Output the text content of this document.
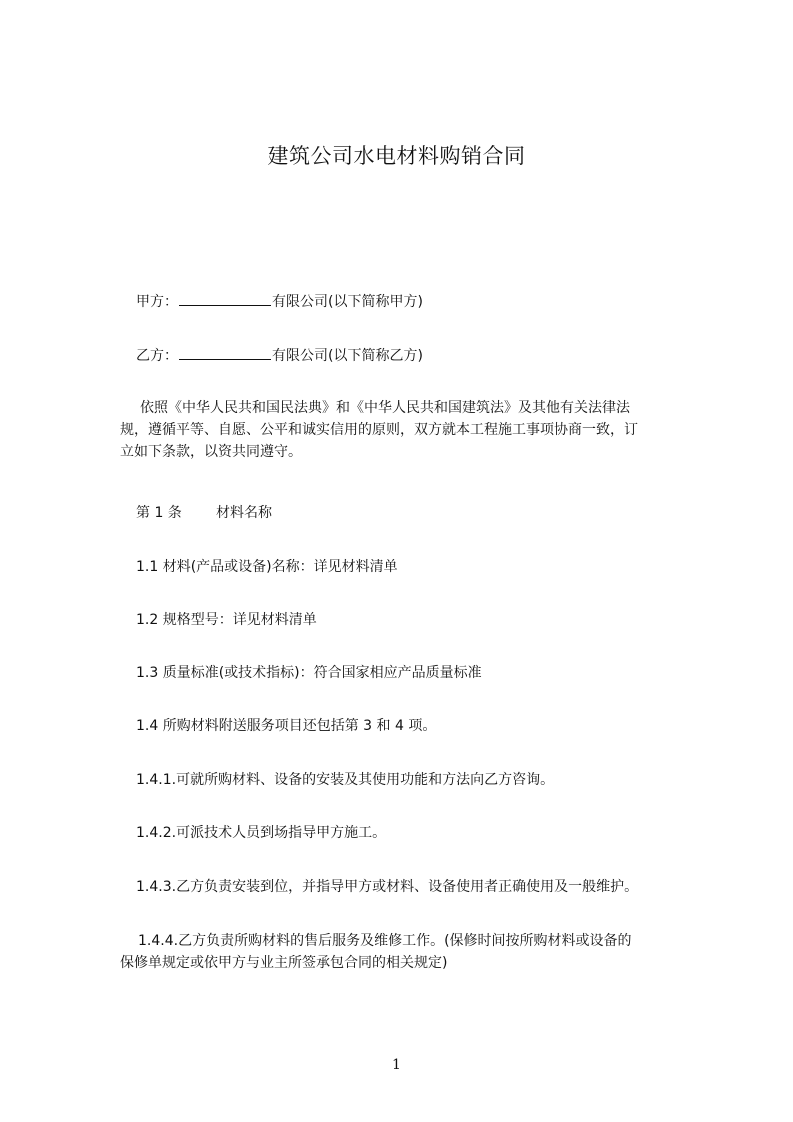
建筑公司水电材料购销合同
甲方：	有限公司(以下简称甲方)
乙方：	有限公司(以下简称乙方)
依照《中华人民共和国民法典》和《中华人民共和国建筑法》及其他有关法律法
规，遵循平等、自愿、公平和诚实信用的原则，双方就本工程施工事项协商一致，订
立如下条款，以资共同遵守。
第 1 条 材料名称
1.1 材料(产品或设备)名称：详见材料清单
1.2 规格型号：详见材料清单
1.3 质量标准(或技术指标)：符合国家相应产品质量标准
1.4 所购材料附送服务项目还包括第 3 和 4 项。
1.4.1.可就所购材料、设备的安装及其使用功能和方法向乙方咨询。
1.4.2.可派技术人员到场指导甲方施工。
1.4.3.乙方负责安装到位，并指导甲方或材料、设备使用者正确使用及一般维护。
1.4.4.乙方负责所购材料的售后服务及维修工作。(保修时间按所购材料或设备的
保修单规定或依甲方与业主所签承包合同的相关规定)
1
